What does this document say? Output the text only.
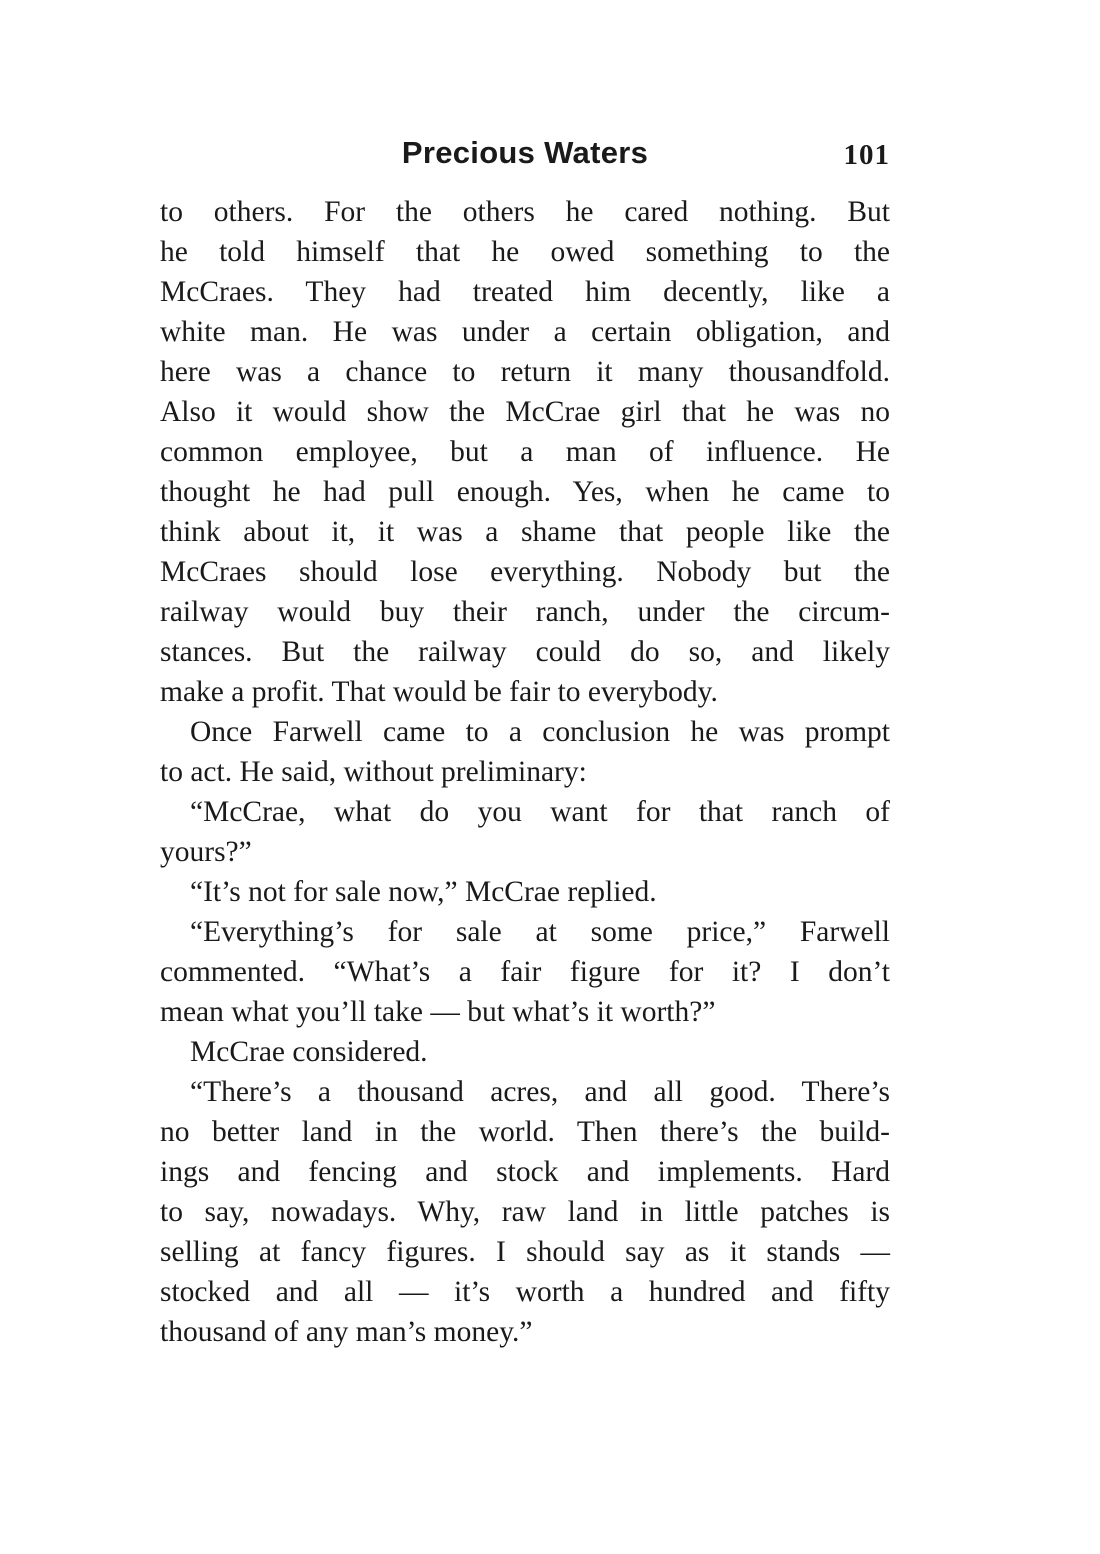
Precious Waters	101
to others. For the others he cared nothing. But
he told himself that he owed something to the
McCraes. They had treated him decently, like a
white man. He was under a certain obligation, and
here was a chance to return it many thousandfold.
Also it would show the McCrae girl that he was no
common employee, but a man of influence. He
thought he had pull enough. Yes, when he came to
think about it, it was a shame that people like the
McCraes should lose everything. Nobody but the
railway would buy their ranch, under the circum-
stances. But the railway could do so, and likely
make a profit. That would be fair to everybody.
Once Farwell came to a conclusion he was prompt
to act. He said, without preliminary:
“McCrae, what do you want for that ranch of
yours?”
“It’s not for sale now,” McCrae replied.
“Everything’s for sale at some price,” Farwell
commented. “What’s a fair figure for it? I don’t
mean what you’ll take — but what’s it worth?”
McCrae considered.
“There’s a thousand acres, and all good. There’s
no better land in the world. Then there’s the build-
ings and fencing and stock and implements. Hard
to say, nowadays. Why, raw land in little patches is
selling at fancy figures. I should say as it stands —
stocked and all — it’s worth a hundred and fifty
thousand of any man’s money.”
